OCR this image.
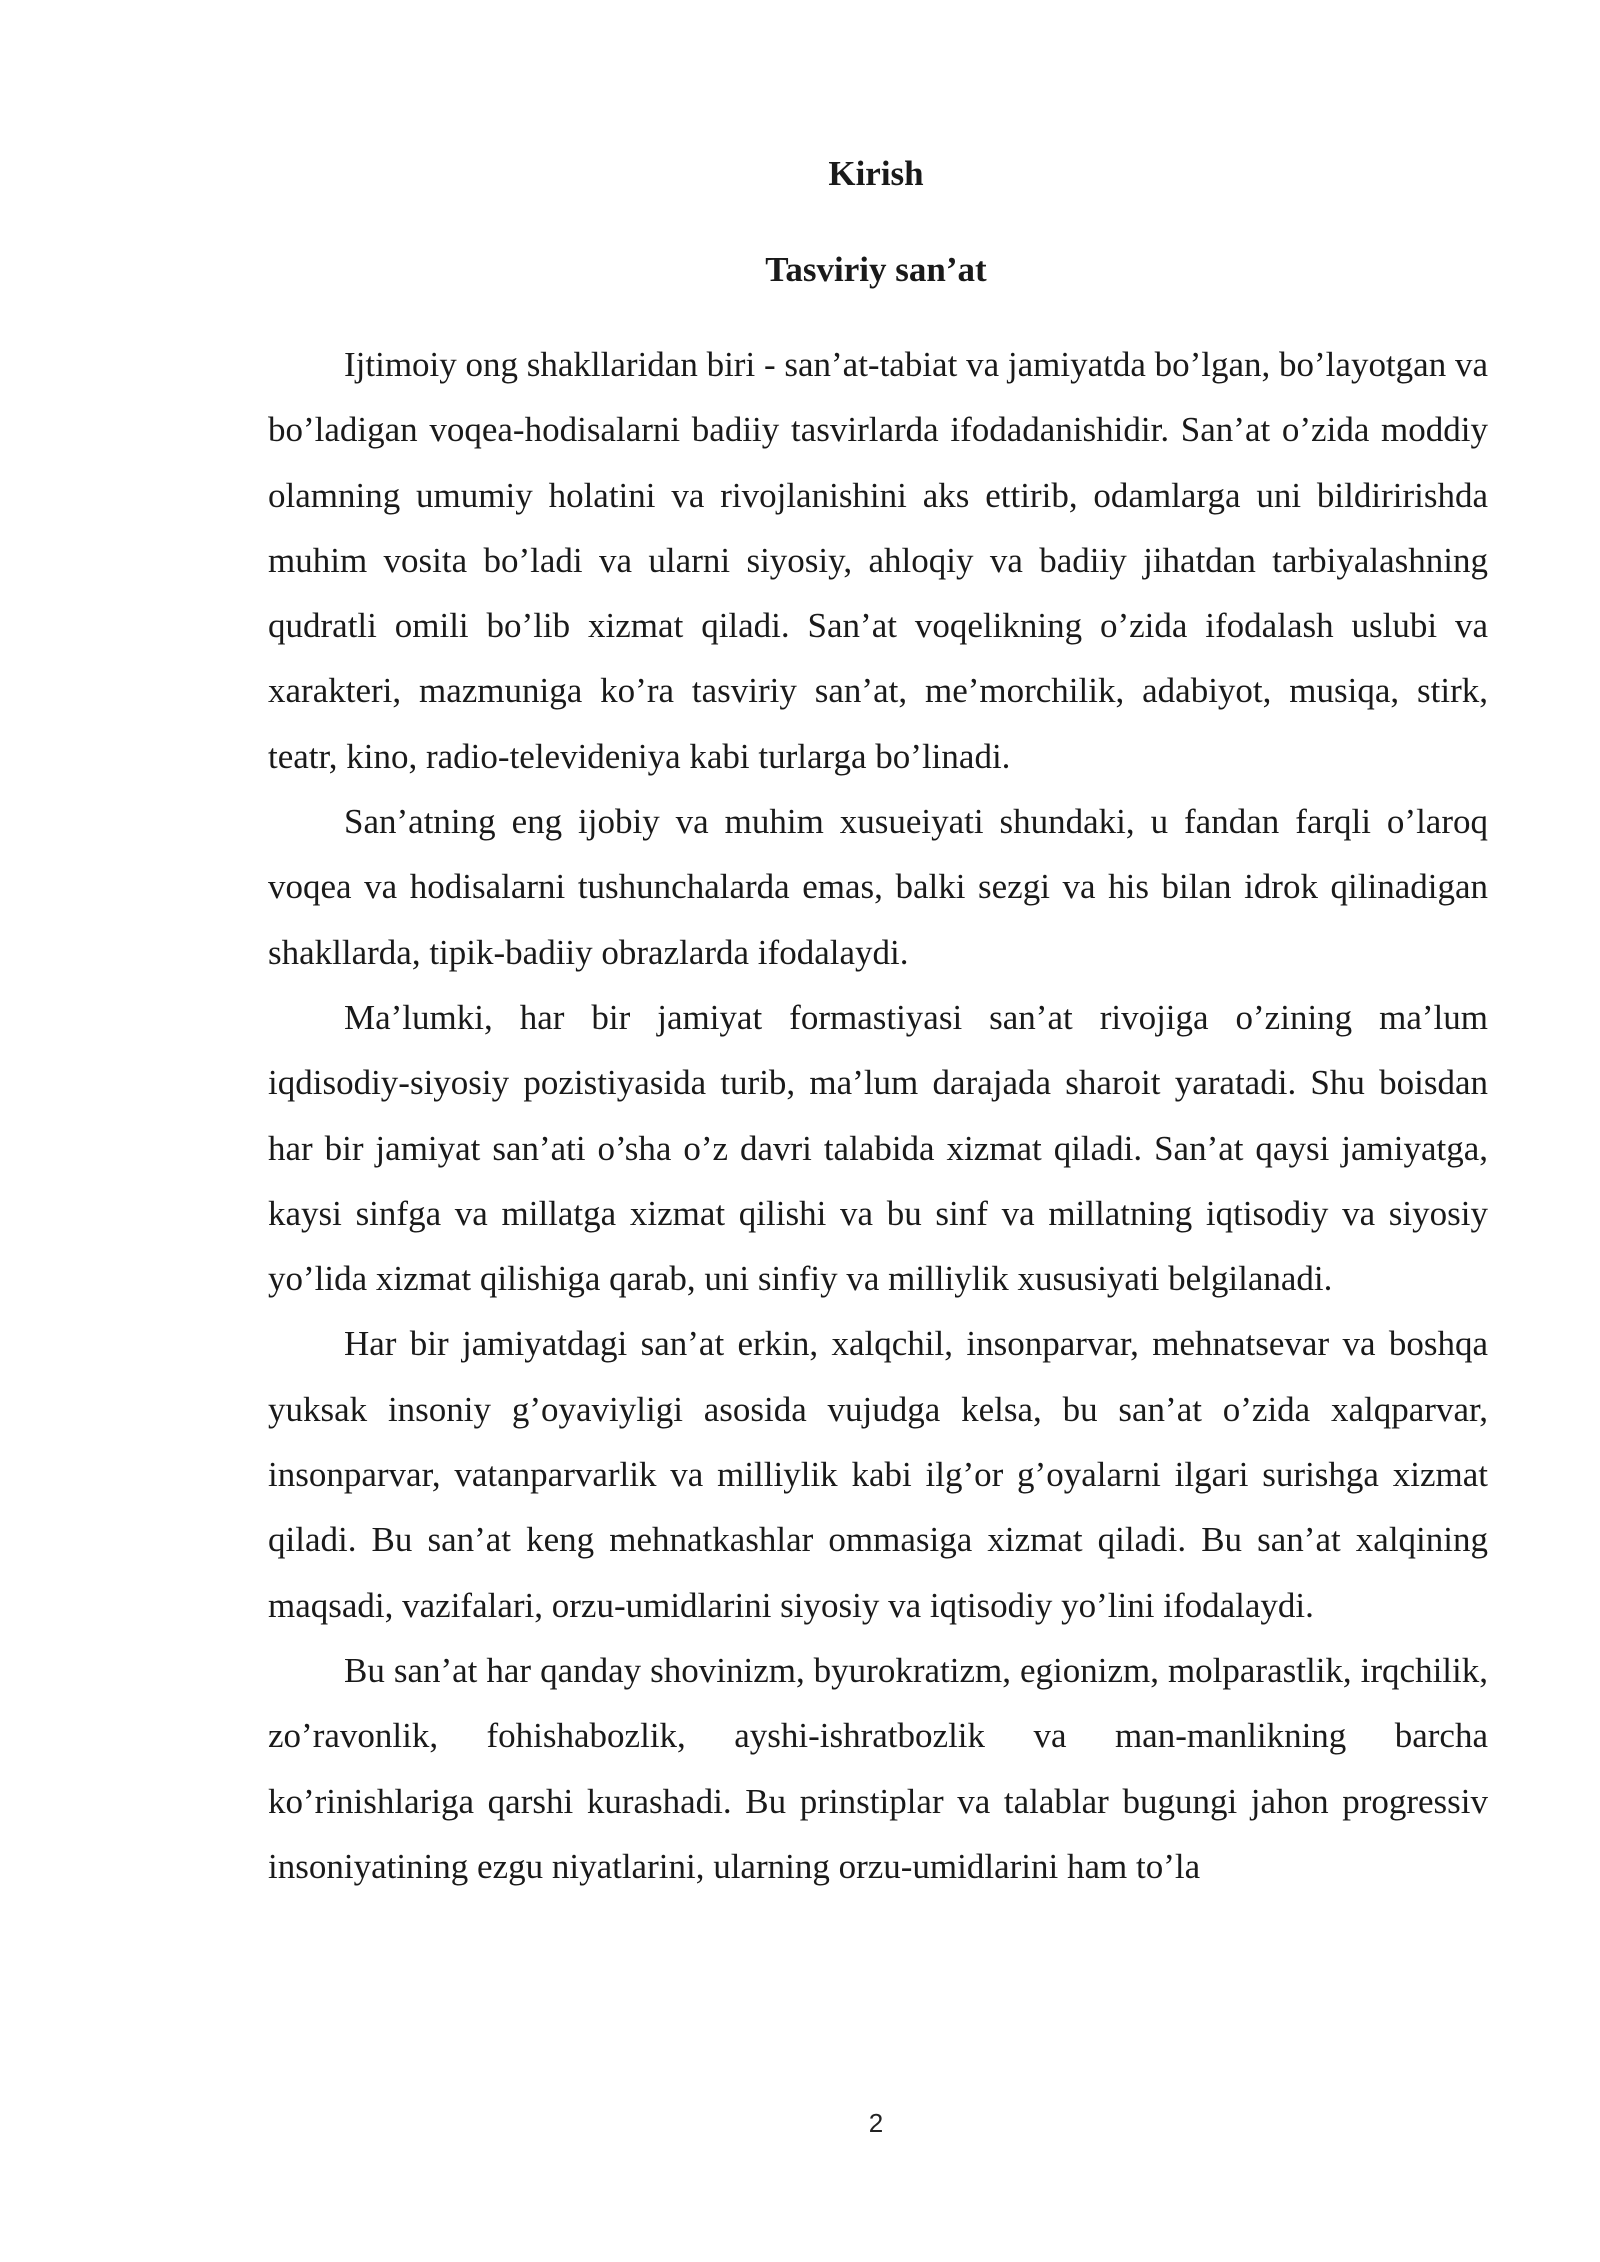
Kirish
Tasviriy san’at

Ijtimoiy ong shakllaridan biri - san’at-tabiat va jamiyatda bo’lgan, bo’layotgan va bo’ladigan voqea-hodisalarni badiiy tasvirlarda ifodadanishidir. San’at o’zida moddiy olamning umumiy holatini va rivojlanishini aks ettirib, odamlarga uni bildiririshda muhim vosita bo’ladi va ularni siyosiy, ahloqiy va badiiy jihatdan tarbiyalashning qudratli omili bo’lib xizmat qiladi. San’at voqelikning o’zida ifodalash uslubi va xarakteri, mazmuniga ko’ra tasviriy san’at, me’morchilik, adabiyot, musiqa, stirk, teatr, kino, radio-televideniya kabi turlarga bo’linadi.

San’atning eng ijobiy va muhim xusueiyati shundaki, u fandan farqli o’laroq voqea va hodisalarni tushunchalarda emas, balki sezgi va his bilan idrok qilinadigan shakllarda, tipik-badiiy obrazlarda ifodalaydi.

Ma’lumki, har bir jamiyat formastiyasi san’at rivojiga o’zining ma’lum iqdisodiy-siyosiy pozistiyasida turib, ma’lum darajada sharoit yaratadi. Shu boisdan har bir jamiyat san’ati o’sha o’z davri talabida xizmat qiladi. San’at qaysi jamiyatga, kaysi sinfga va millatga xizmat qilishi va bu sinf va millatning iqtisodiy va siyosiy yo’lida xizmat qilishiga qarab, uni sinfiy va milliylik xususiyati belgilanadi.

Har bir jamiyatdagi san’at erkin, xalqchil, insonparvar, mehnatsevar va boshqa yuksak insoniy g’oyaviyligi asosida vujudga kelsa, bu san’at o’zida xalqparvar, insonparvar, vatanparvarlik va milliylik kabi ilg’or g’oyalarni ilgari surishga xizmat qiladi. Bu san’at keng mehnatkashlar ommasiga xizmat qiladi. Bu san’at xalqining maqsadi, vazifalari, orzu-umidlarini siyosiy va iqtisodiy yo’lini ifodalaydi.

Bu san’at har qanday shovinizm, byurokratizm, egionizm, molparastlik, irqchilik, zo’ravonlik, fohishabozlik, ayshi-ishratbozlik va man-manlikning barcha ko’rinishlariga qarshi kurashadi. Bu prinstiplar va talablar bugungi jahon progressiv insoniyatining ezgu niyatlarini, ularning orzu-umidlarini ham to’la

2
